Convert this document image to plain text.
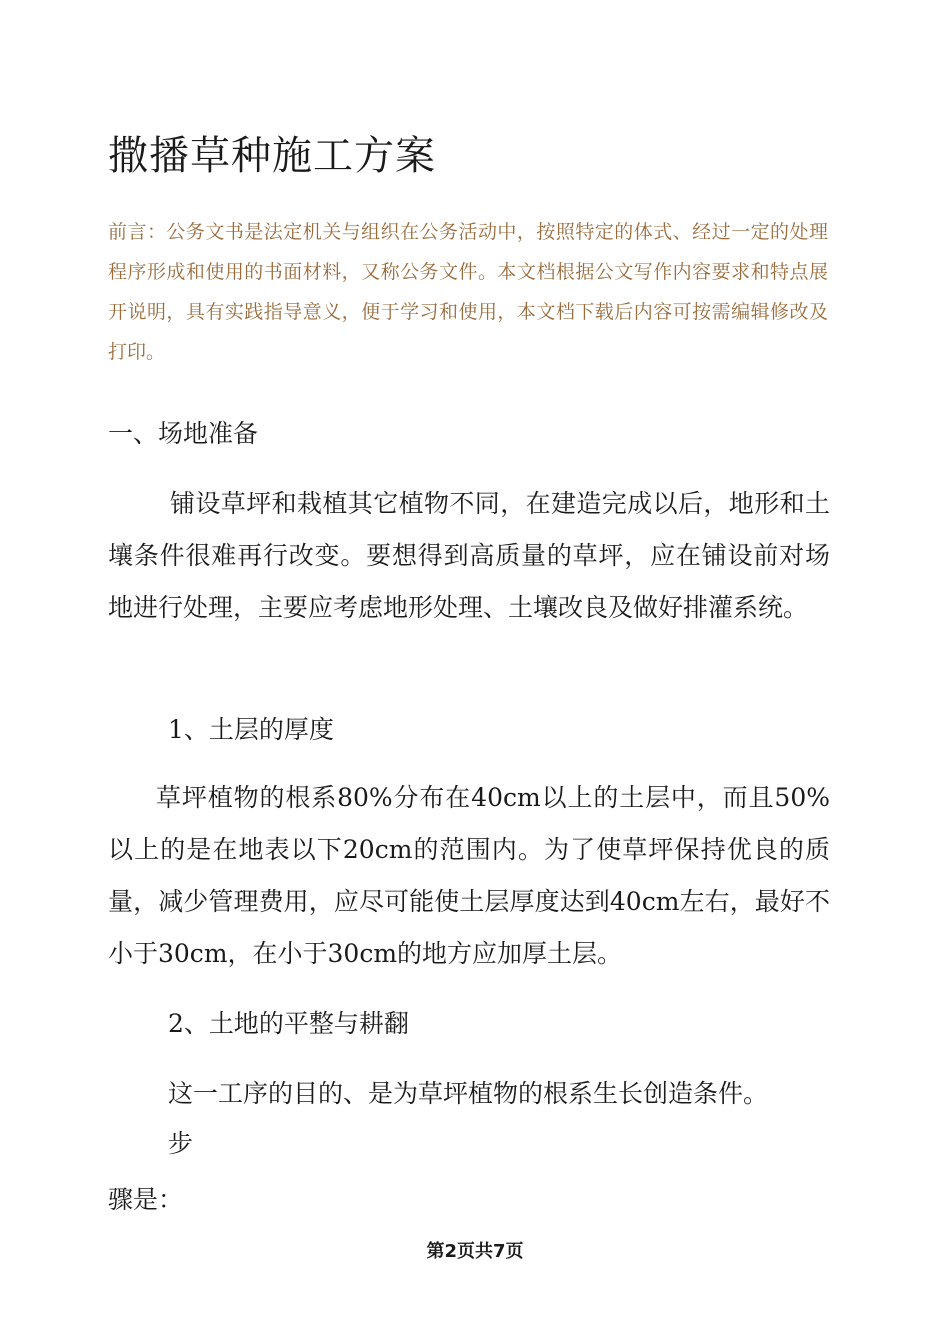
撒播草种施工方案
前言：公务文书是法定机关与组织在公务活动中，按照特定的体式、经过一定的处理程序形成和使用的书面材料，又称公务文件。本文档根据公文写作内容要求和特点展开说明，具有实践指导意义，便于学习和使用，本文档下载后内容可按需编辑修改及打印。
一、场地准备
铺设草坪和栽植其它植物不同，在建造完成以后，地形和土壤条件很难再行改变。要想得到高质量的草坪，应在铺设前对场地进行处理，主要应考虑地形处理、土壤改良及做好排灌系统。
1、土层的厚度
草坪植物的根系80%分布在40cm以上的土层中，而且50%以上的是在地表以下20cm的范围内。为了使草坪保持优良的质量，减少管理费用，应尽可能使土层厚度达到40cm左右，最好不小于30cm，在小于30cm的地方应加厚土层。
2、土地的平整与耕翻
这一工序的目的、是为草坪植物的根系生长创造条件。
步
骤是：
第2页共7页
